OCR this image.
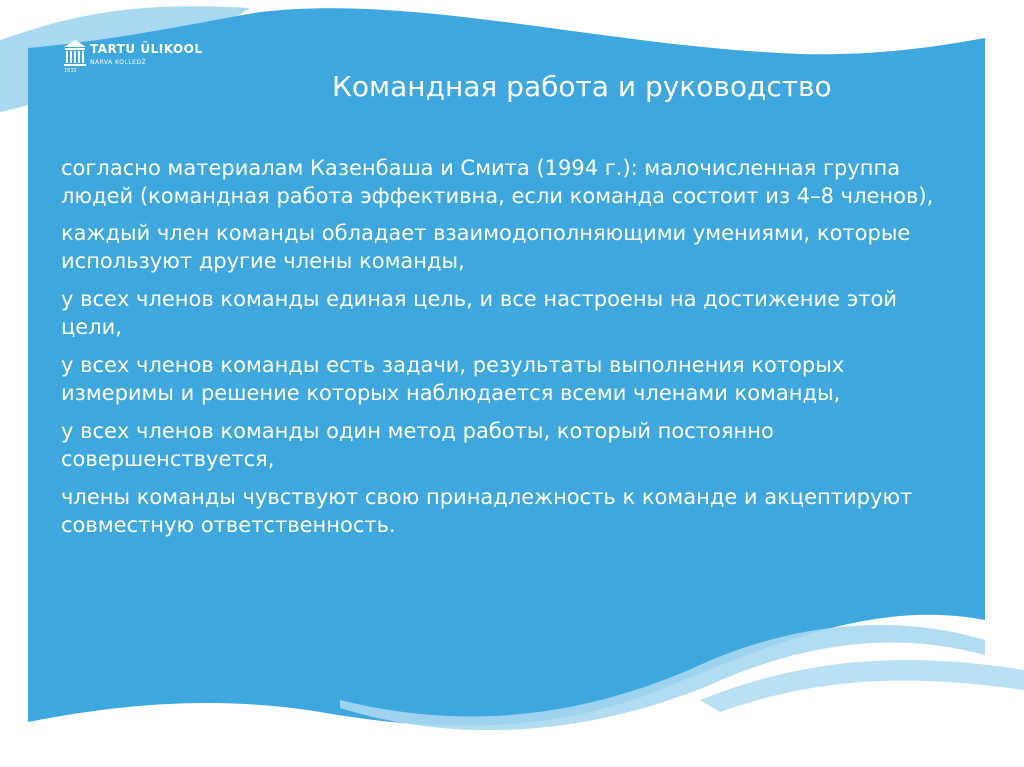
TARTU ÜLIKOOL
NARVA KOLLEDŽ
1632	Командная работа и руководство
согласно материалам Казенбаша и Смита (1994 г.): малочисленная группа людей (командная работа эффективна, если команда состоит из 4–8 членов),
каждый член команды обладает взаимодополняющими умениями, которые используют другие члены команды,
у всех членов команды единая цель, и все настроены на достижение этой цели,
у всех членов команды есть задачи, результаты выполнения которых измеримы и решение которых наблюдается всеми членами команды,
у всех членов команды один метод работы, который постоянно совершенствуется,
члены команды чувствуют свою принадлежность к команде и акцептируют совместную ответственность.
